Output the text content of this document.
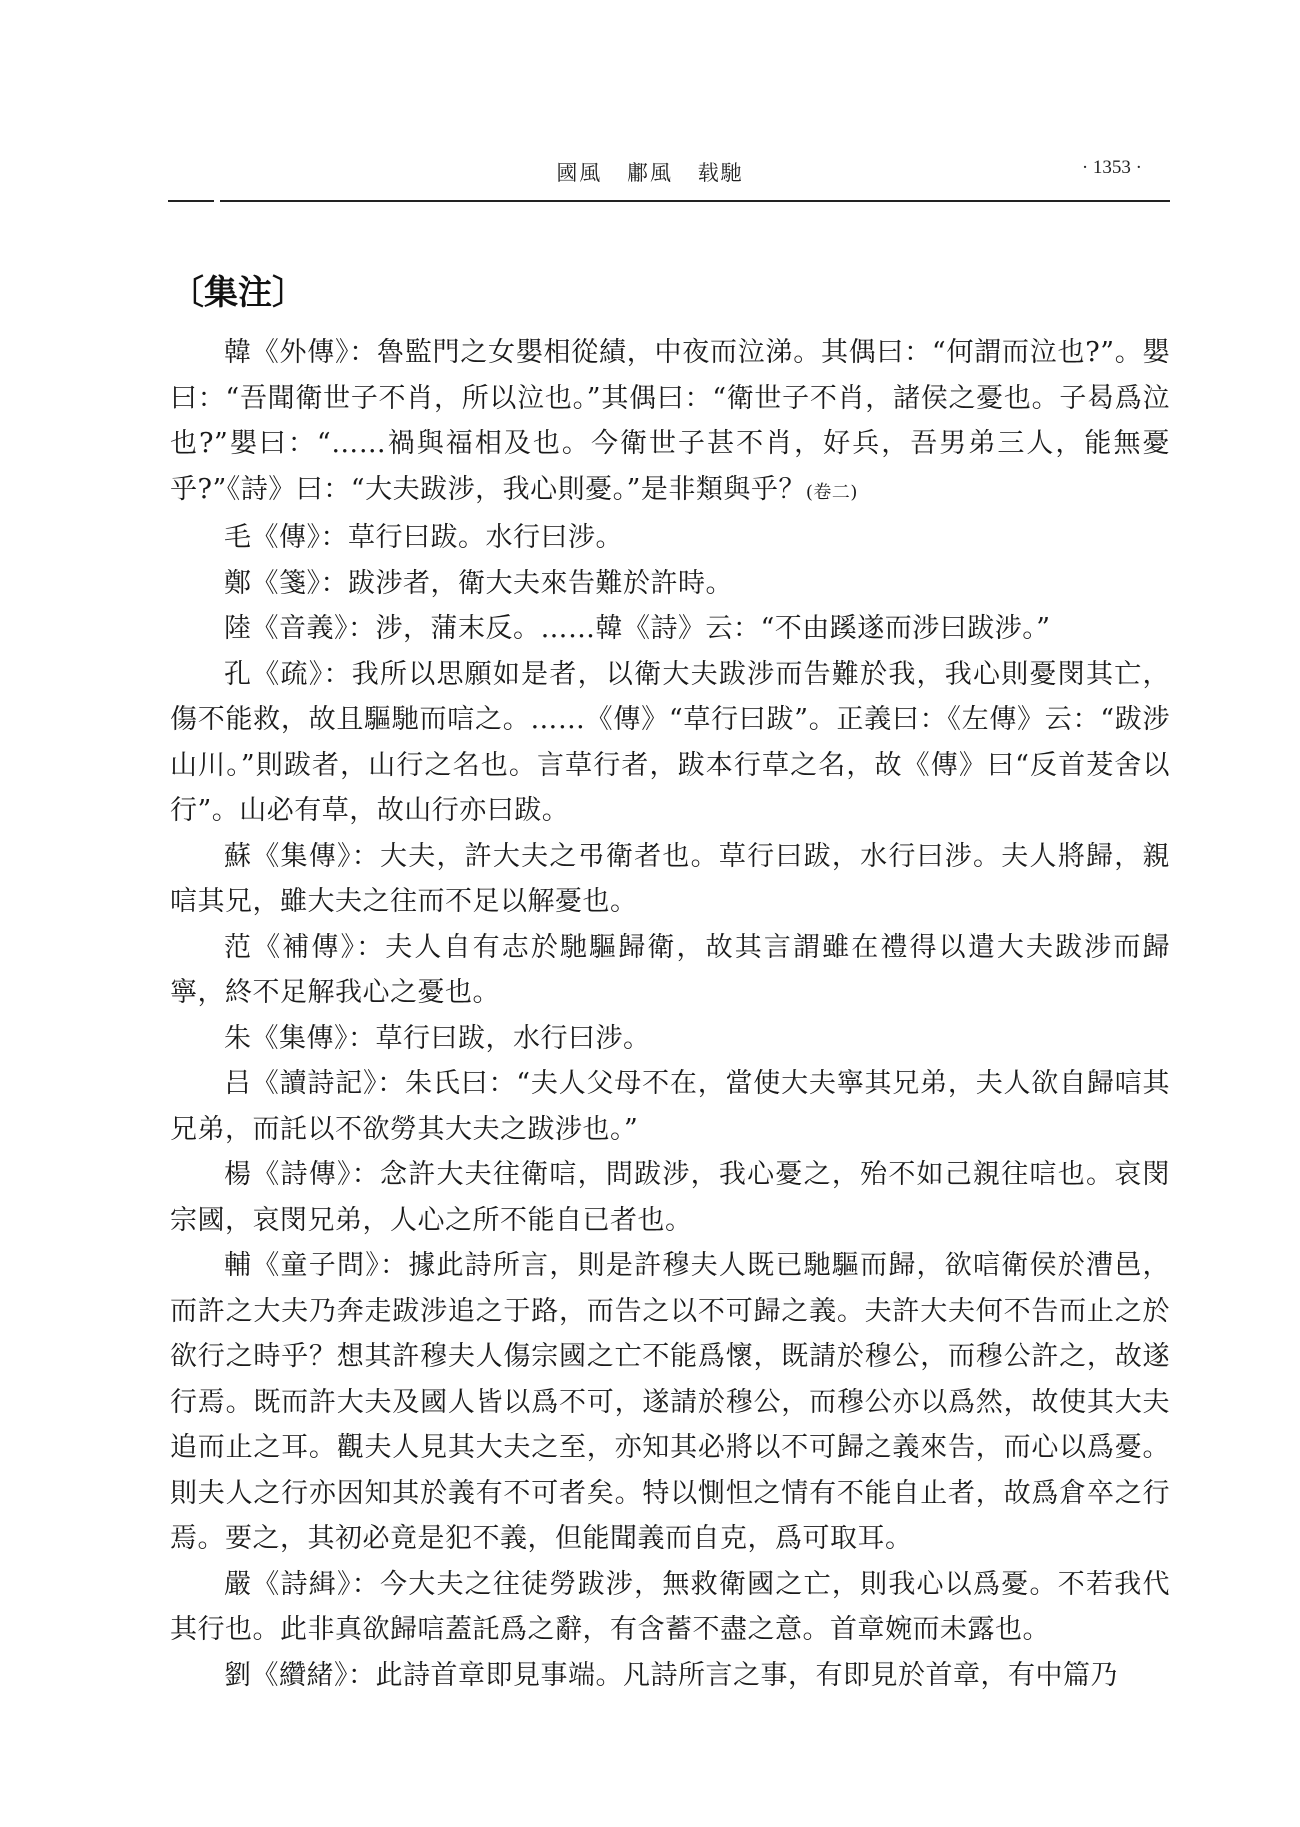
國風 鄘風 载馳	· 1353 ·
〔集注〕

韓《外傳》：魯監門之女嬰相從績，中夜而泣涕。其偶曰：“何謂而泣也?”。嬰曰：“吾聞衛世子不肖，所以泣也。”其偶曰：“衛世子不肖，諸侯之憂也。子曷爲泣也?”嬰曰：“……禍與福相及也。今衛世子甚不肖，好兵，吾男弟三人，能無憂乎?”《詩》曰：“大夫跋涉，我心則憂。”是非類與乎？(卷二)

毛《傳》：草行曰跋。水行曰涉。

鄭《箋》：跋涉者，衛大夫來告難於許時。

陸《音義》：涉，蒲末反。……韓《詩》云：“不由蹊遂而涉曰跋涉。”

孔《疏》：我所以思願如是者，以衛大夫跋涉而告難於我，我心則憂閔其亡，傷不能救，故且驅馳而唁之。……《傳》“草行曰跋”。正義曰：《左傳》云：“跋涉山川。”則跋者，山行之名也。言草行者，跋本行草之名，故《傳》曰“反首茇舍以行”。山必有草，故山行亦曰跋。

蘇《集傳》：大夫，許大夫之弔衛者也。草行曰跋，水行曰涉。夫人將歸，親唁其兄，雖大夫之往而不足以解憂也。

范《補傳》：夫人自有志於馳驅歸衛，故其言謂雖在禮得以遣大夫跋涉而歸寧，終不足解我心之憂也。

朱《集傳》：草行曰跋，水行曰涉。

吕《讀詩記》：朱氏曰：“夫人父母不在，當使大夫寧其兄弟，夫人欲自歸唁其兄弟，而託以不欲勞其大夫之跋涉也。”

楊《詩傳》：念許大夫往衛唁，問跋涉，我心憂之，殆不如己親往唁也。哀閔宗國，哀閔兄弟，人心之所不能自已者也。

輔《童子問》：據此詩所言，則是許穆夫人既已馳驅而歸，欲唁衛侯於漕邑，而許之大夫乃奔走跋涉追之于路，而告之以不可歸之義。夫許大夫何不告而止之於欲行之時乎？想其許穆夫人傷宗國之亡不能爲懷，既請於穆公，而穆公許之，故遂行焉。既而許大夫及國人皆以爲不可，遂請於穆公，而穆公亦以爲然，故使其大夫追而止之耳。觀夫人見其大夫之至，亦知其必將以不可歸之義來告，而心以爲憂。則夫人之行亦因知其於義有不可者矣。特以惻怛之情有不能自止者，故爲倉卒之行焉。要之，其初必竟是犯不義，但能聞義而自克，爲可取耳。

嚴《詩緝》：今大夫之往徒勞跋涉，無救衛國之亡，則我心以爲憂。不若我代其行也。此非真欲歸唁蓋託爲之辭，有含蓄不盡之意。首章婉而未露也。

劉《纘緒》：此詩首章即見事端。凡詩所言之事，有即見於首章，有中篇乃
